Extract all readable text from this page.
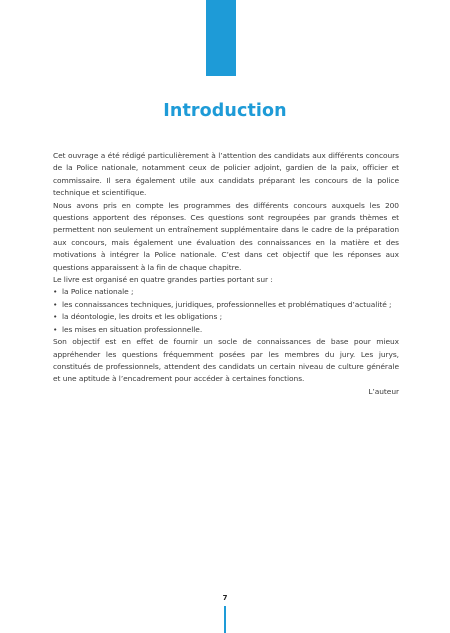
Introduction

Cet ouvrage a été rédigé particulièrement à l’attention des candidats aux différents concours de la Police nationale, notamment ceux de policier adjoint, gardien de la paix, officier et commissaire. Il sera également utile aux candidats préparant les concours de la police technique et scientifique.

Nous avons pris en compte les programmes des différents concours auxquels les 200 questions apportent des réponses. Ces questions sont regroupées par grands thèmes et permettent non seulement un entraînement supplémentaire dans le cadre de la préparation aux concours, mais également une évaluation des connaissances en la matière et des motivations à intégrer la Police nationale. C’est dans cet objectif que les réponses aux questions apparaissent à la fin de chaque chapitre.

Le livre est organisé en quatre grandes parties portant sur :

• la Police nationale ;
• les connaissances techniques, juridiques, professionnelles et problématiques d’actualité ;
• la déontologie, les droits et les obligations ;
• les mises en situation professionnelle.

Son objectif est en effet de fournir un socle de connaissances de base pour mieux appréhender les questions fréquemment posées par les membres du jury. Les jurys, constitués de professionnels, attendent des candidats un certain niveau de culture générale et une aptitude à l’encadrement pour accéder à certaines fonctions.

L’auteur

7
